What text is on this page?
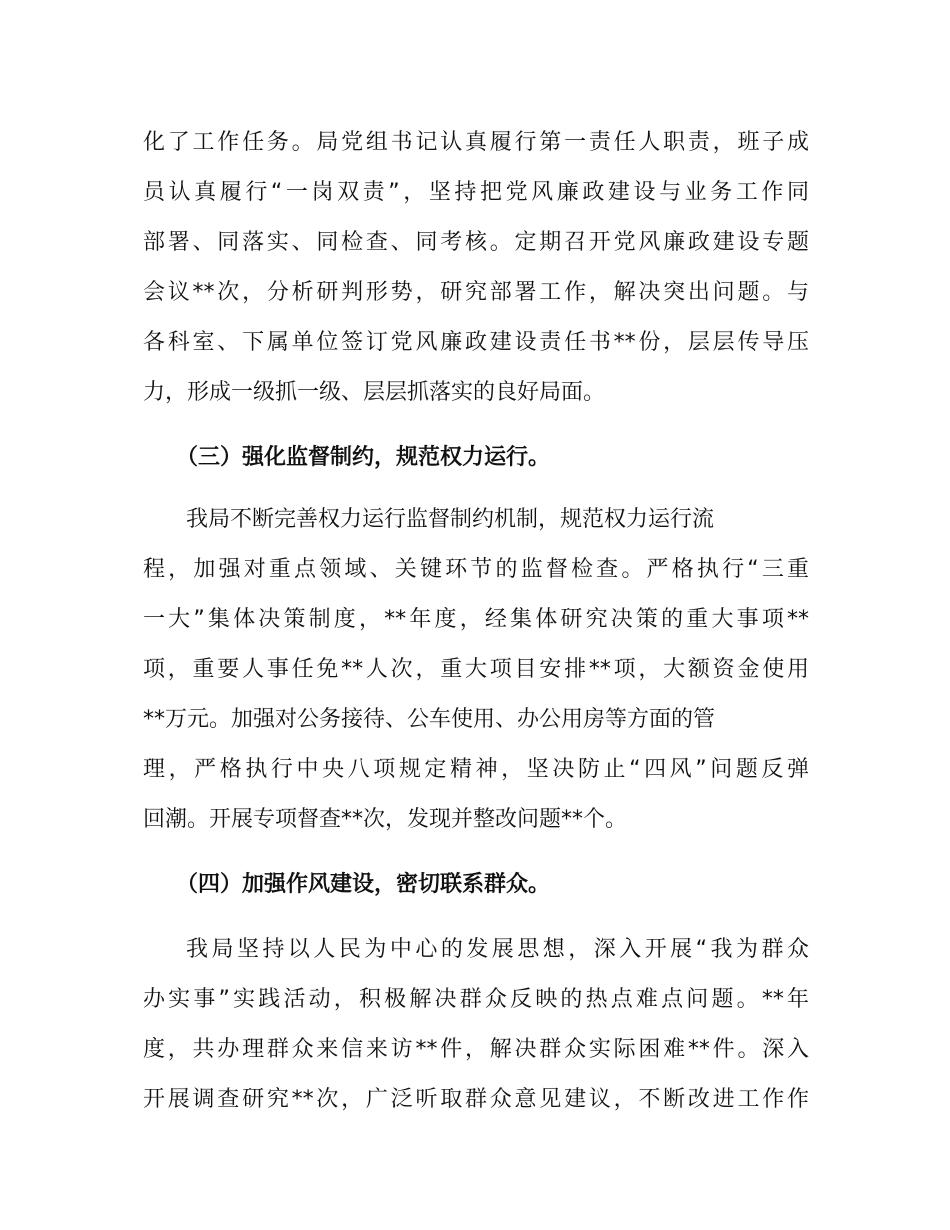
化了工作任务。局党组书记认真履行第一责任人职责，班子成
员认真履行“一岗双责”，坚持把党风廉政建设与业务工作同
部署、同落实、同检查、同考核。定期召开党风廉政建设专题
会议**次，分析研判形势，研究部署工作，解决突出问题。与
各科室、下属单位签订党风廉政建设责任书**份，层层传导压
力，形成一级抓一级、层层抓落实的良好局面。
（三）强化监督制约，规范权力运行。
我局不断完善权力运行监督制约机制，规范权力运行流
程，加强对重点领域、关键环节的监督检查。严格执行“三重
一大”集体决策制度，**年度，经集体研究决策的重大事项**
项，重要人事任免**人次，重大项目安排**项，大额资金使用
**万元。加强对公务接待、公车使用、办公用房等方面的管
理，严格执行中央八项规定精神，坚决防止“四风”问题反弹
回潮。开展专项督查**次，发现并整改问题**个。
（四）加强作风建设，密切联系群众。
我局坚持以人民为中心的发展思想，深入开展“我为群众
办实事”实践活动，积极解决群众反映的热点难点问题。**年
度，共办理群众来信来访**件，解决群众实际困难**件。深入
开展调查研究**次，广泛听取群众意见建议，不断改进工作作
